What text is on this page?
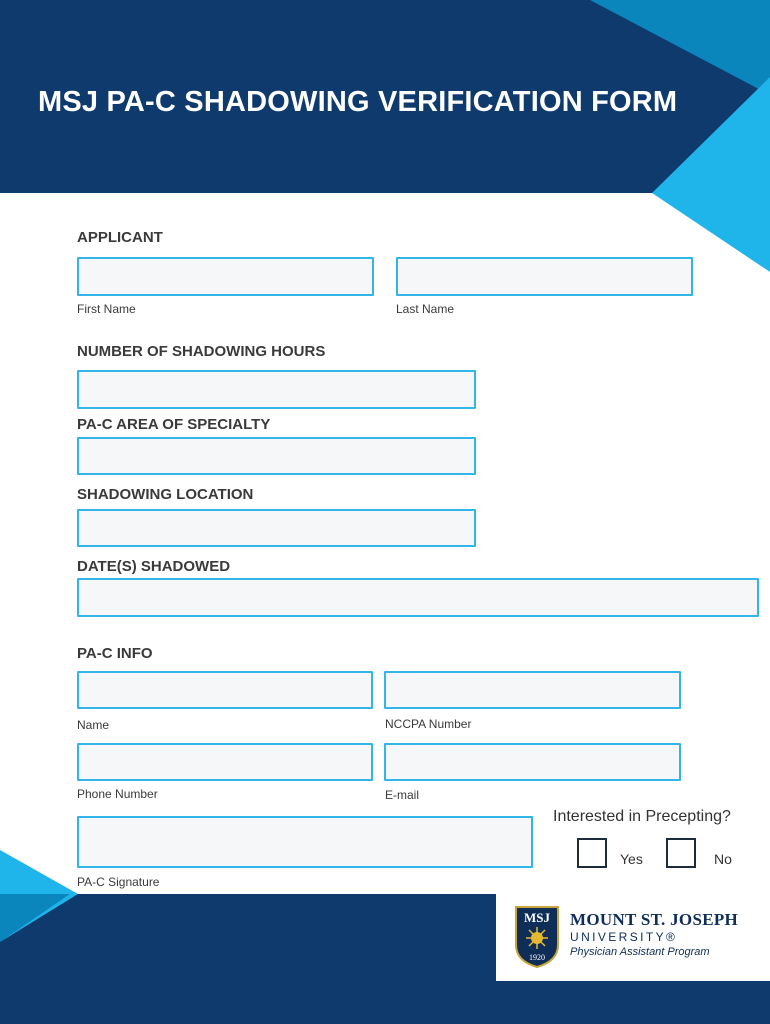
MSJ PA-C SHADOWING VERIFICATION FORM
APPLICANT
First Name	Last Name
NUMBER OF SHADOWING HOURS
PA-C AREA OF SPECIALTY
SHADOWING LOCATION
DATE(S) SHADOWED
PA-C INFO
Name	NCCPA Number
Phone Number	E-mail
PA-C Signature
Interested in Precepting?
Yes	No
MSJ
1920
MOUNT ST. JOSEPH
UNIVERSITY®
Physician Assistant Program
